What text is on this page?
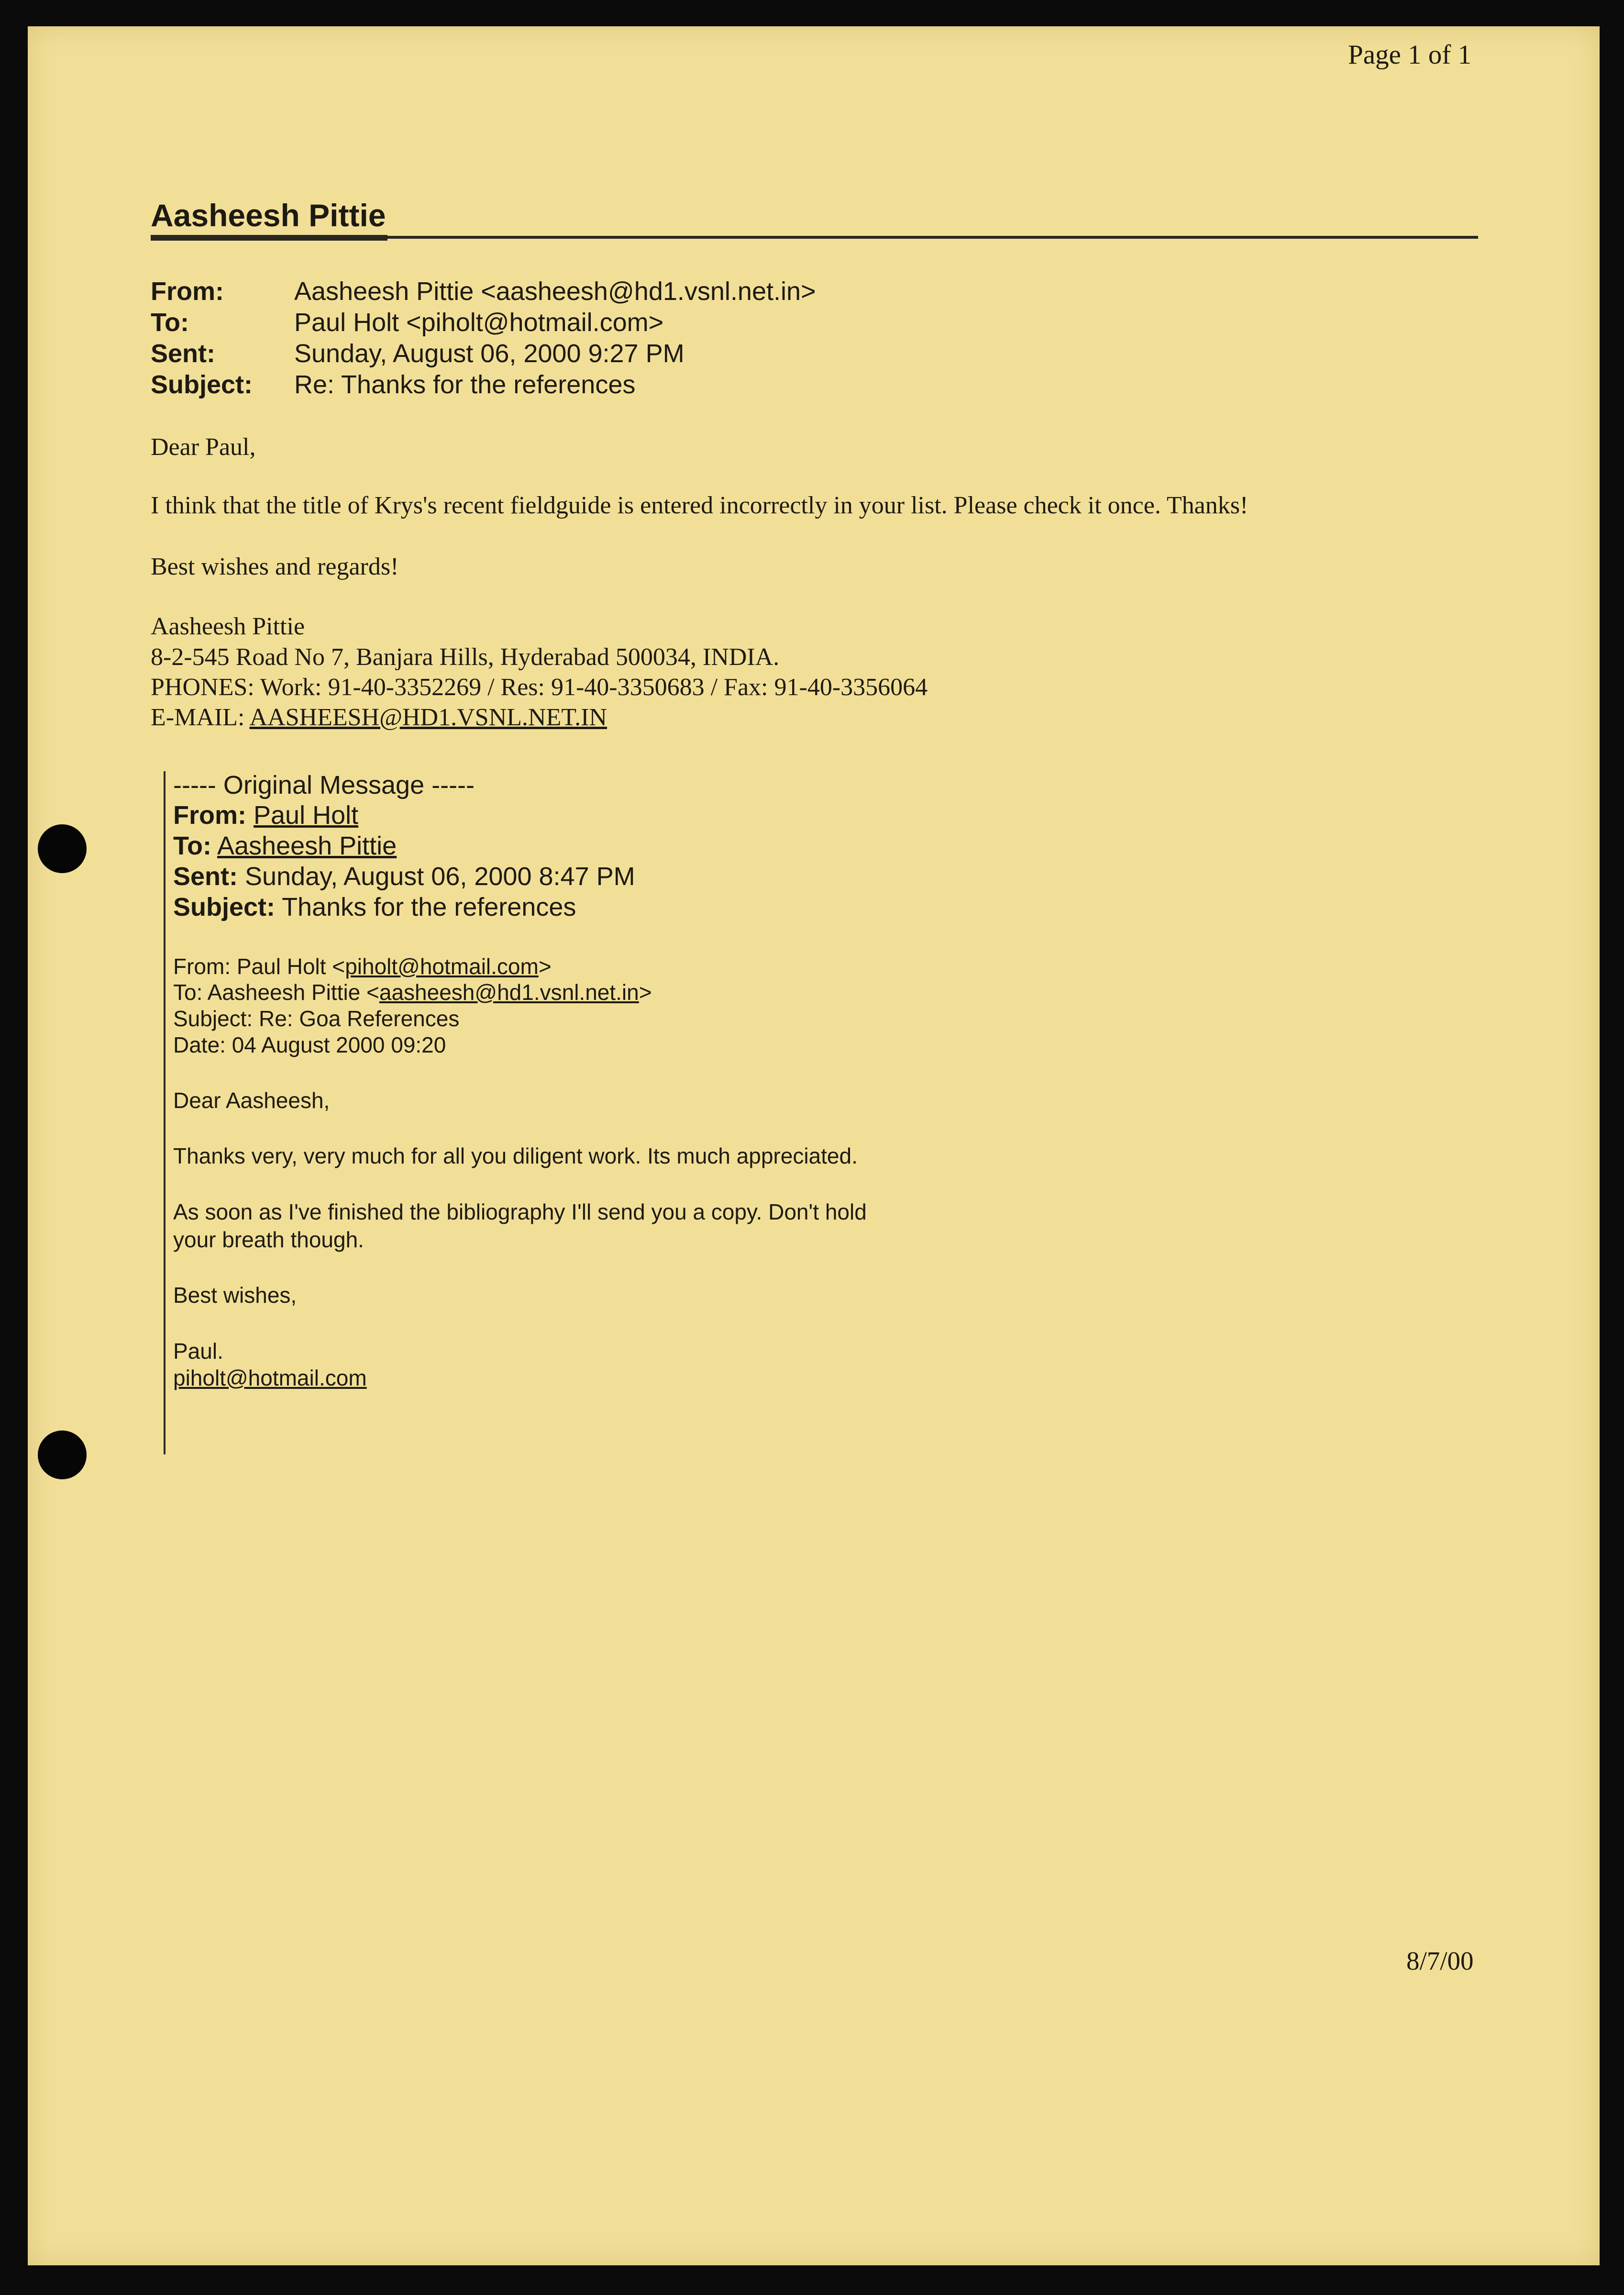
Page 1 of 1
Aasheesh Pittie
From:	Aasheesh Pittie <aasheesh@hd1.vsnl.net.in>
To:	Paul Holt <piholt@hotmail.com>
Sent:	Sunday, August 06, 2000 9:27 PM
Subject: Re: Thanks for the references
Dear Paul,
I think that the title of Krys's recent fieldguide is entered incorrectly in your list. Please check it once. Thanks!
Best wishes and regards!
Aasheesh Pittie
8-2-545 Road No 7, Banjara Hills, Hyderabad 500034, INDIA.
PHONES: Work: 91-40-3352269 / Res: 91-40-3350683 / Fax: 91-40-3356064
E-MAIL: AASHEESH@HD1.VSNL.NET.IN
----- Original Message -----
From: Paul Holt
To: Aasheesh Pittie
Sent: Sunday, August 06, 2000 8:47 PM
Subject: Thanks for the references
From: Paul Holt <piholt@hotmail.com>
To: Aasheesh Pittie <aasheesh@hd1.vsnl.net.in>
Subject: Re: Goa References
Date: 04 August 2000 09:20
Dear Aasheesh,
Thanks very, very much for all you diligent work. Its much appreciated.
As soon as I've finished the bibliography I'll send you a copy. Don't hold
your breath though.
Best wishes,
Paul.
piholt@hotmail.com
8/7/00
